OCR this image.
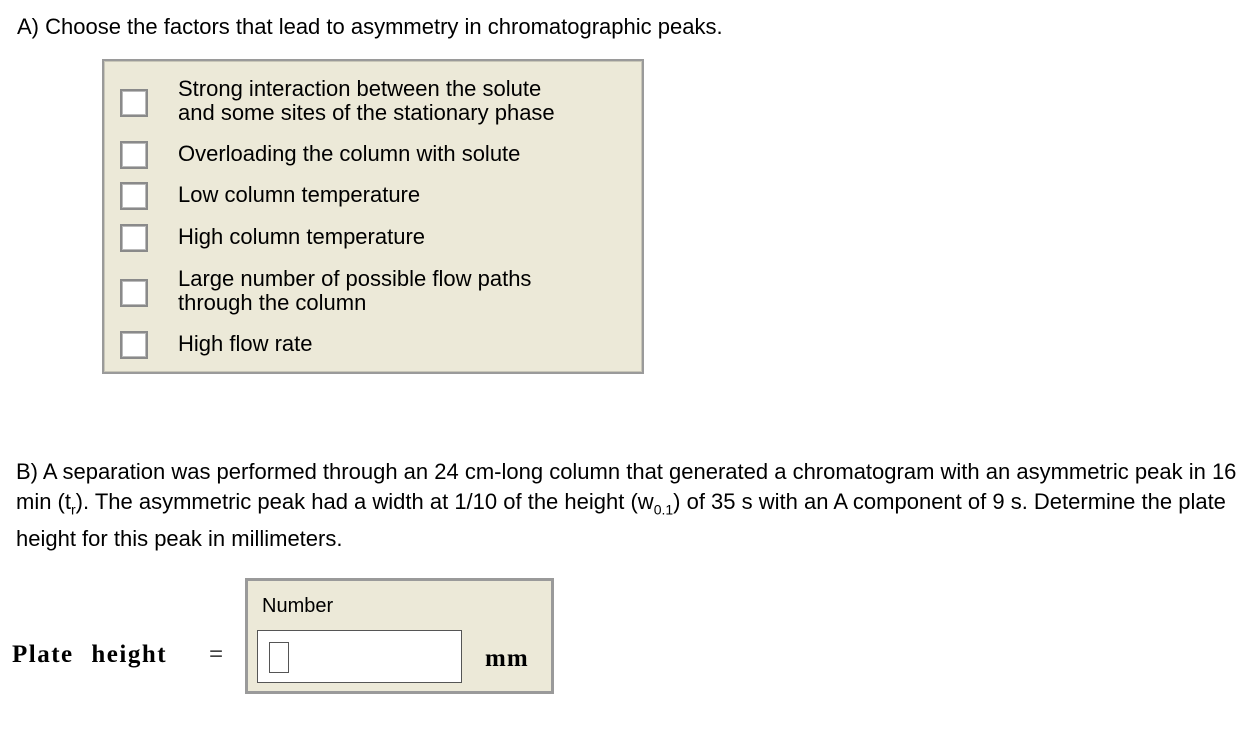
A) Choose the factors that lead to asymmetry in chromatographic peaks.
Strong interaction between the solute
and some sites of the stationary phase
Overloading the column with solute
Low column temperature
High column temperature
Large number of possible flow paths
through the column
High flow rate
B) A separation was performed through an 24 cm-long column that generated a chromatogram with an asymmetric peak in 16 $\min (t_r)$. The asymmetric peak had a width at 1/10 of the height $(w_{0.1})$ of 35 s with an A component of 9 s. Determine the plate height for this peak in millimeters.
Plate height =
Number
mm
